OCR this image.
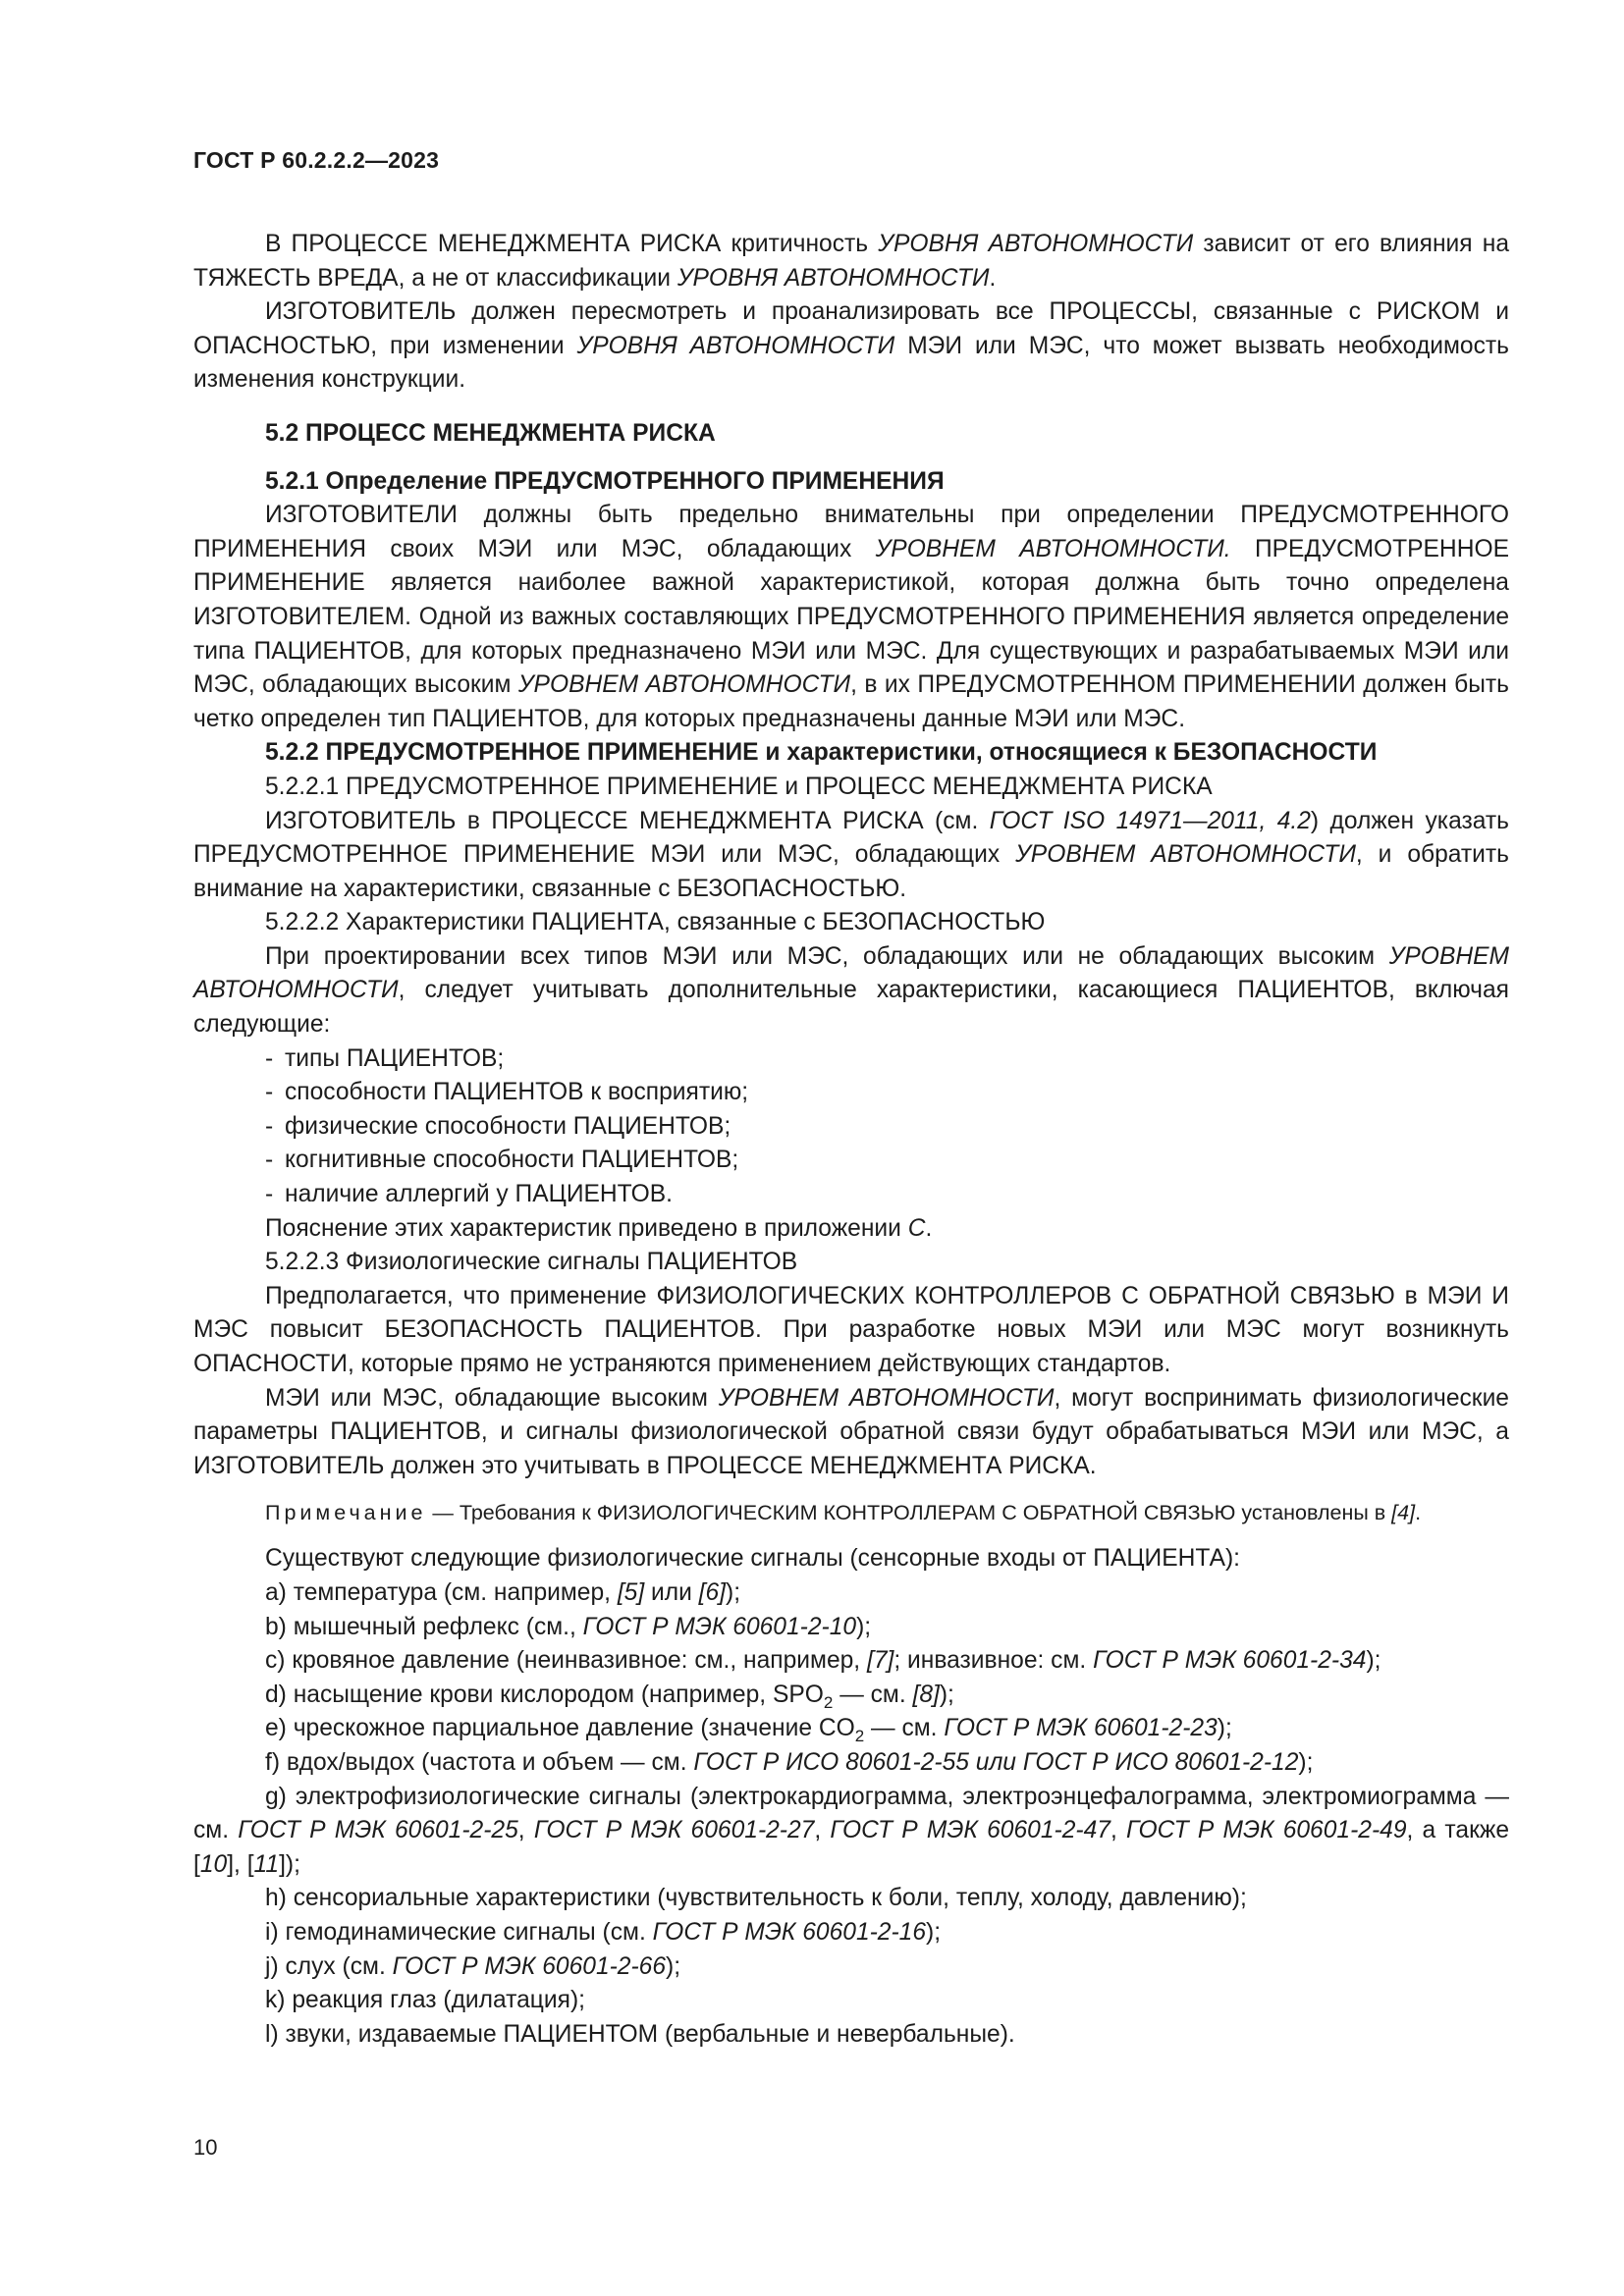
ГОСТ Р 60.2.2.2—2023

В ПРОЦЕССЕ МЕНЕДЖМЕНТА РИСКА критичность УРОВНЯ АВТОНОМНОСТИ зависит от его влияния на ТЯЖЕСТЬ ВРЕДА, а не от классификации УРОВНЯ АВТОНОМНОСТИ.

ИЗГОТОВИТЕЛЬ должен пересмотреть и проанализировать все ПРОЦЕССЫ, связанные с РИСКОМ и ОПАСНОСТЬЮ, при изменении УРОВНЯ АВТОНОМНОСТИ МЭИ или МЭС, что может вызвать необходимость изменения конструкции.

5.2 ПРОЦЕСС МЕНЕДЖМЕНТА РИСКА

5.2.1 Определение ПРЕДУСМОТРЕННОГО ПРИМЕНЕНИЯ

ИЗГОТОВИТЕЛИ должны быть предельно внимательны при определении ПРЕДУСМОТРЕННОГО ПРИМЕНЕНИЯ своих МЭИ или МЭС, обладающих УРОВНЕМ АВТОНОМНОСТИ. ПРЕДУСМОТРЕННОЕ ПРИМЕНЕНИЕ является наиболее важной характеристикой, которая должна быть точно определена ИЗГОТОВИТЕЛЕМ. Одной из важных составляющих ПРЕДУСМОТРЕННОГО ПРИМЕНЕНИЯ является определение типа ПАЦИЕНТОВ, для которых предназначено МЭИ или МЭС. Для существующих и разрабатываемых МЭИ или МЭС, обладающих высоким УРОВНЕМ АВТОНОМНОСТИ, в их ПРЕДУСМОТРЕННОМ ПРИМЕНЕНИИ должен быть четко определен тип ПАЦИЕНТОВ, для которых предназначены данные МЭИ или МЭС.

5.2.2 ПРЕДУСМОТРЕННОЕ ПРИМЕНЕНИЕ и характеристики, относящиеся к БЕЗОПАСНОСТИ

5.2.2.1 ПРЕДУСМОТРЕННОЕ ПРИМЕНЕНИЕ и ПРОЦЕСС МЕНЕДЖМЕНТА РИСКА

ИЗГОТОВИТЕЛЬ в ПРОЦЕССЕ МЕНЕДЖМЕНТА РИСКА (см. ГОСТ ISO 14971—2011, 4.2) должен указать ПРЕДУСМОТРЕННОЕ ПРИМЕНЕНИЕ МЭИ или МЭС, обладающих УРОВНЕМ АВТОНОМНОСТИ, и обратить внимание на характеристики, связанные с БЕЗОПАСНОСТЬЮ.

5.2.2.2 Характеристики ПАЦИЕНТА, связанные с БЕЗОПАСНОСТЬЮ

При проектировании всех типов МЭИ или МЭС, обладающих или не обладающих высоким УРОВНЕМ АВТОНОМНОСТИ, следует учитывать дополнительные характеристики, касающиеся ПАЦИЕНТОВ, включая следующие:

- типы ПАЦИЕНТОВ;

- способности ПАЦИЕНТОВ к восприятию;

- физические способности ПАЦИЕНТОВ;

- когнитивные способности ПАЦИЕНТОВ;

- наличие аллергий у ПАЦИЕНТОВ.

Пояснение этих характеристик приведено в приложении С.

5.2.2.3 Физиологические сигналы ПАЦИЕНТОВ

Предполагается, что применение ФИЗИОЛОГИЧЕСКИХ КОНТРОЛЛЕРОВ С ОБРАТНОЙ СВЯЗЬЮ в МЭИ И МЭС повысит БЕЗОПАСНОСТЬ ПАЦИЕНТОВ. При разработке новых МЭИ или МЭС могут возникнуть ОПАСНОСТИ, которые прямо не устраняются применением действующих стандартов.

МЭИ или МЭС, обладающие высоким УРОВНЕМ АВТОНОМНОСТИ, могут воспринимать физиологические параметры ПАЦИЕНТОВ, и сигналы физиологической обратной связи будут обрабатываться МЭИ или МЭС, а ИЗГОТОВИТЕЛЬ должен это учитывать в ПРОЦЕССЕ МЕНЕДЖМЕНТА РИСКА.

Примечание — Требования к ФИЗИОЛОГИЧЕСКИМ КОНТРОЛЛЕРАМ С ОБРАТНОЙ СВЯЗЬЮ установлены в [4].

Существуют следующие физиологические сигналы (сенсорные входы от ПАЦИЕНТА):

a) температура (см. например, [5] или [6]);

b) мышечный рефлекс (см., ГОСТ Р МЭК 60601-2-10);

c) кровяное давление (неинвазивное: см., например, [7]; инвазивное: см. ГОСТ Р МЭК 60601-2-34);

d) насыщение крови кислородом (например, $SPO_2$ — см. [8]);

e) чрескожное парциальное давление (значение $CO_2$ — см. ГОСТ Р МЭК 60601-2-23);

f) вдох/выдох (частота и объем — см. ГОСТ Р ИСО 80601-2-55 или ГОСТ Р ИСО 80601-2-12);

g) электрофизиологические сигналы (электрокардиограмма, электроэнцефалограмма, электромиограмма — см. ГОСТ Р МЭК 60601-2-25, ГОСТ Р МЭК 60601-2-27, ГОСТ Р МЭК 60601-2-47, ГОСТ Р МЭК 60601-2-49, а также [10], [11]);

h) сенсориальные характеристики (чувствительность к боли, теплу, холоду, давлению);

i) гемодинамические сигналы (см. ГОСТ Р МЭК 60601-2-16);

j) слух (см. ГОСТ Р МЭК 60601-2-66);

k) реакция глаз (дилатация);

l) звуки, издаваемые ПАЦИЕНТОМ (вербальные и невербальные).

10
